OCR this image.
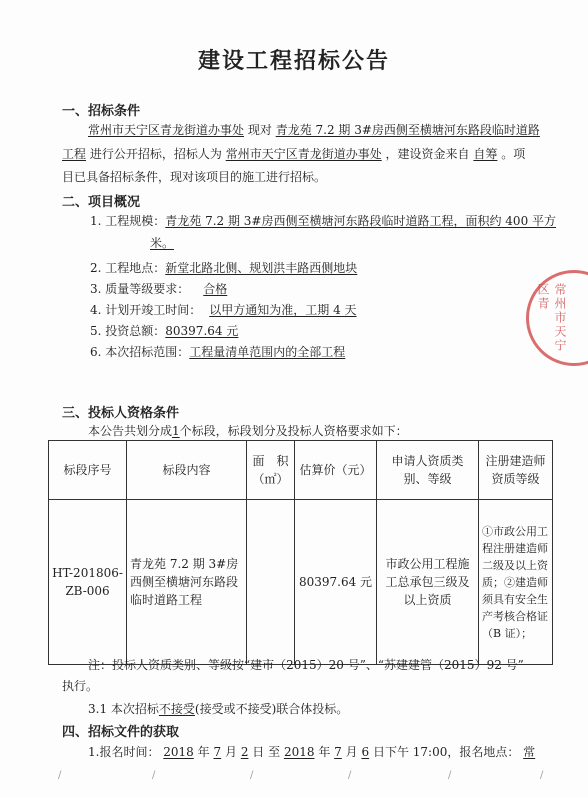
建设工程招标公告
一、招标条件
常州市天宁区青龙街道办事处 现对 青龙苑 7.2 期 3#房西侧至横塘河东路段临时道路
工程 进行公开招标，招标人为 常州市天宁区青龙街道办事处 ，建设资金来自 自筹 。项
目已具备招标条件，现对该项目的施工进行招标。
二、项目概况
1. 工程规模：青龙苑 7.2 期 3#房西侧至横塘河东路段临时道路工程，面积约 400 平方
米。
2. 工程地点：新堂北路北侧、规划洪丰路西侧地块
3. 质量等级要求： 合格
4. 计划开竣工时间： 以甲方通知为准，工期 4 天
5. 投资总额：80397.64 元
6. 本次招标范围：工程量清单范围内的全部工程
三、投标人资格条件
本公告共划分成1个标段，标段划分及投标人资格要求如下：
标段序号	标段内容	面　积（㎡）	估算价（元）	申请人资质类别、等级	注册建造师资质等级
HT-201806-ZB-006	青龙苑 7.2 期 3#房西侧至横塘河东路段临时道路工程		80397.64 元	市政公用工程施工总承包三级及以上资质	①市政公用工程注册建造师二级及以上资质；②建造师须具有安全生产考核合格证（B 证）；
注：投标人资质类别、等级按“建市（2015）20 号”、“苏建建管（2015）92 号”
执行。
3.1 本次招标不接受(接受或不接受)联合体投标。
四、招标文件的获取
1.报名时间： 2018 年 7 月 2 日 至 2018 年 7 月 6 日下午 17:00，报名地点： 常
常州市天宁区青
/	/	/	/	/	/
